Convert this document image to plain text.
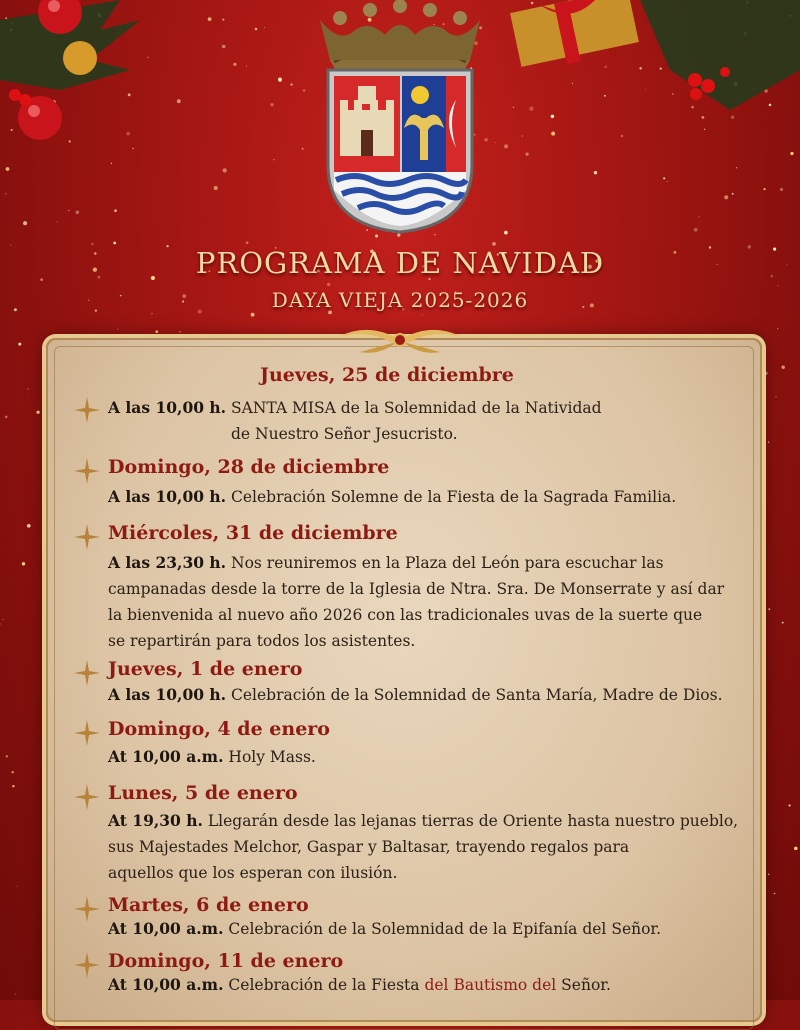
PROGRAMA DE NAVIDAD
DAYA VIEJA 2025-2026
Jueves, 25 de diciembre
A las 10,00 h. SANTA MISA de la Solemnidad de la Natividad
de Nuestro Señor Jesucristo.
Domingo, 28 de diciembre
A las 10,00 h. Celebración Solemne de la Fiesta de la Sagrada Familia.
Miércoles, 31 de diciembre
A las 23,30 h. Nos reuniremos en la Plaza del León para escuchar las
campanadas desde la torre de la Iglesia de Ntra. Sra. De Monserrate y así dar
la bienvenida al nuevo año 2026 con las tradicionales uvas de la suerte que
se repartirán para todos los asistentes.
Jueves, 1 de enero
A las 10,00 h. Celebración de la Solemnidad de Santa María, Madre de Dios.
Domingo, 4 de enero
At 10,00 a.m. Holy Mass.
Lunes, 5 de enero
At 19,30 h. Llegarán desde las lejanas tierras de Oriente hasta nuestro pueblo,
sus Majestades Melchor, Gaspar y Baltasar, trayendo regalos para
aquellos que los esperan con ilusión.
Martes, 6 de enero
At 10,00 a.m. Celebración de la Solemnidad de la Epifanía del Señor.
Domingo, 11 de enero
At 10,00 a.m. Celebración de la Fiesta del Bautismo del Señor.
